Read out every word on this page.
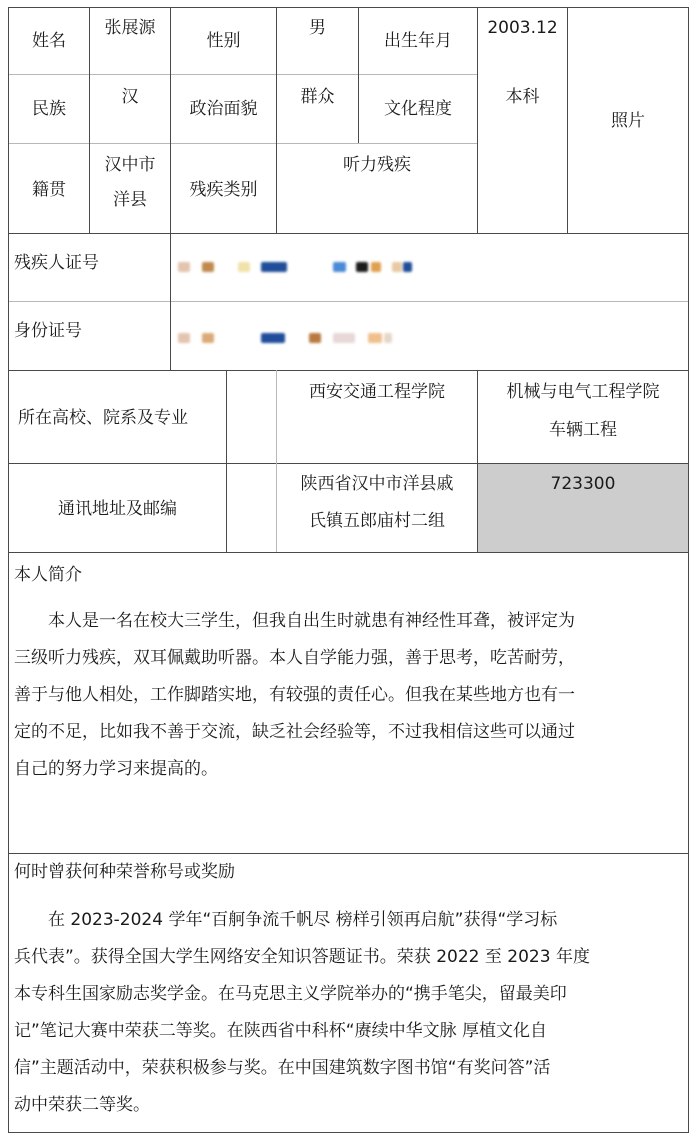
姓名
张展源
性别
男
出生年月
2003.12
民族
汉
政治面貌
群众
文化程度
本科
照片
籍贯
汉中市
洋县	残疾类别
听力残疾
残疾人证号
身份证号
所在高校、院系及专业
西安交通工程学院	机械与电气工程学院
车辆工程
通讯地址及邮编
陕西省汉中市洋县戚
氏镇五郎庙村二组
723300
本人简介
本人是一名在校大三学生，但我自出生时就患有神经性耳聋，被评定为
三级听力残疾，双耳佩戴助听器。本人自学能力强，善于思考，吃苦耐劳，
善于与他人相处，工作脚踏实地，有较强的责任心。但我在某些地方也有一
定的不足，比如我不善于交流，缺乏社会经验等，不过我相信这些可以通过
自己的努力学习来提高的。
何时曾获何种荣誉称号或奖励
在 2023-2024 学年“百舸争流千帆尽 榜样引领再启航”获得“学习标
兵代表”。获得全国大学生网络安全知识答题证书。荣获 2022 至 2023 年度
本专科生国家励志奖学金。在马克思主义学院举办的“携手笔尖，留最美印
记”笔记大赛中荣获二等奖。在陕西省中科杯“赓续中华文脉 厚植文化自
信”主题活动中，荣获积极参与奖。在中国建筑数字图书馆“有奖问答”活
动中荣获二等奖。
